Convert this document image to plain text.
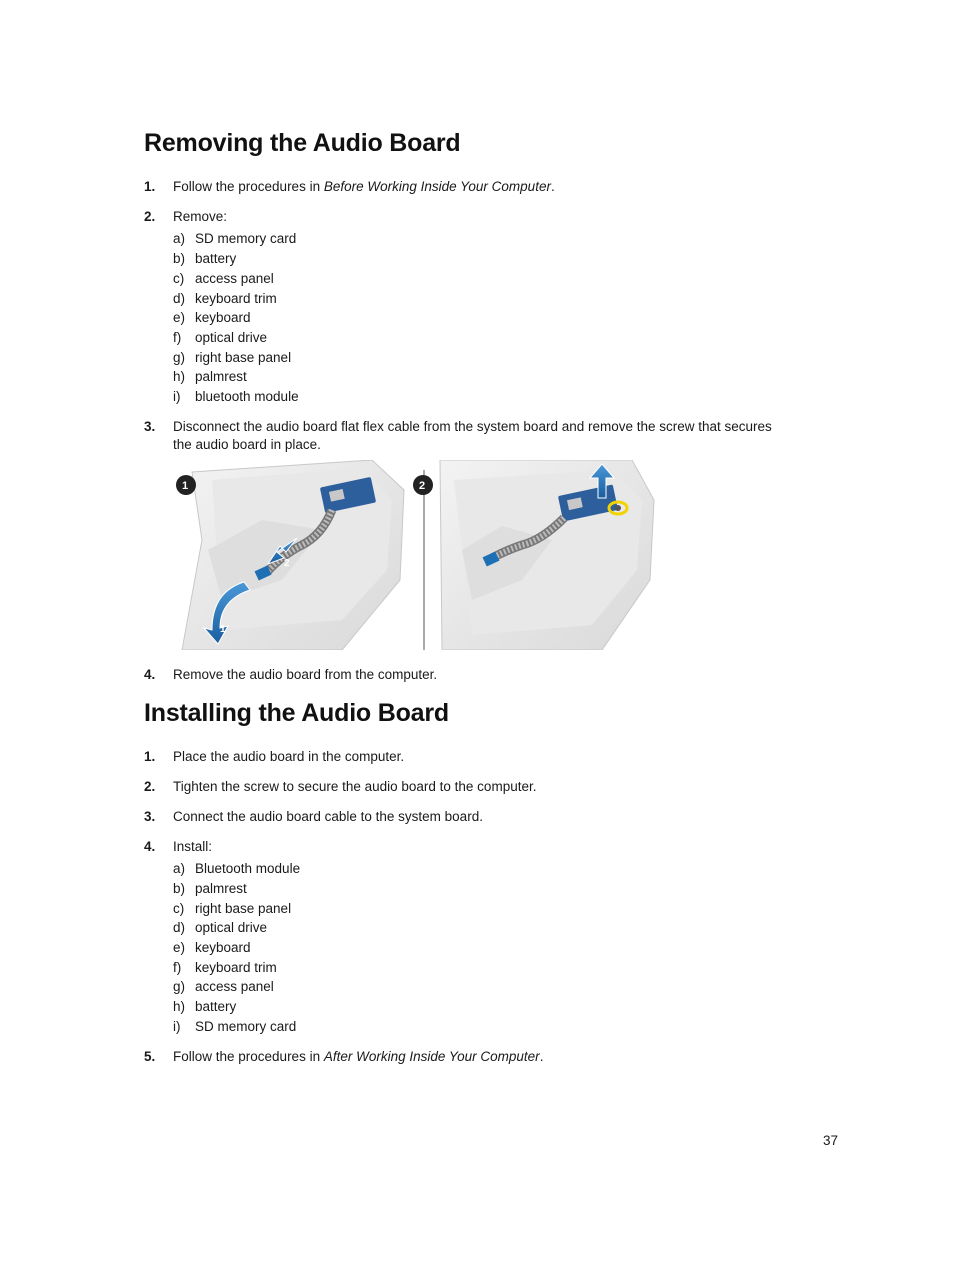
Removing the Audio Board
1. Follow the procedures in Before Working Inside Your Computer.
2. Remove:
a) SD memory card
b) battery
c) access panel
d) keyboard trim
e) keyboard
f) optical drive
g) right base panel
h) palmrest
i) bluetooth module
3. Disconnect the audio board flat flex cable from the system board and remove the screw that secures
the audio board in place.
2
1
1	2
4. Remove the audio board from the computer.
Installing the Audio Board
1. Place the audio board in the computer.
2. Tighten the screw to secure the audio board to the computer.
3. Connect the audio board cable to the system board.
4. Install:
a) Bluetooth module
b) palmrest
c) right base panel
d) optical drive
e) keyboard
f) keyboard trim
g) access panel
h) battery
i) SD memory card
5. Follow the procedures in After Working Inside Your Computer.
37
